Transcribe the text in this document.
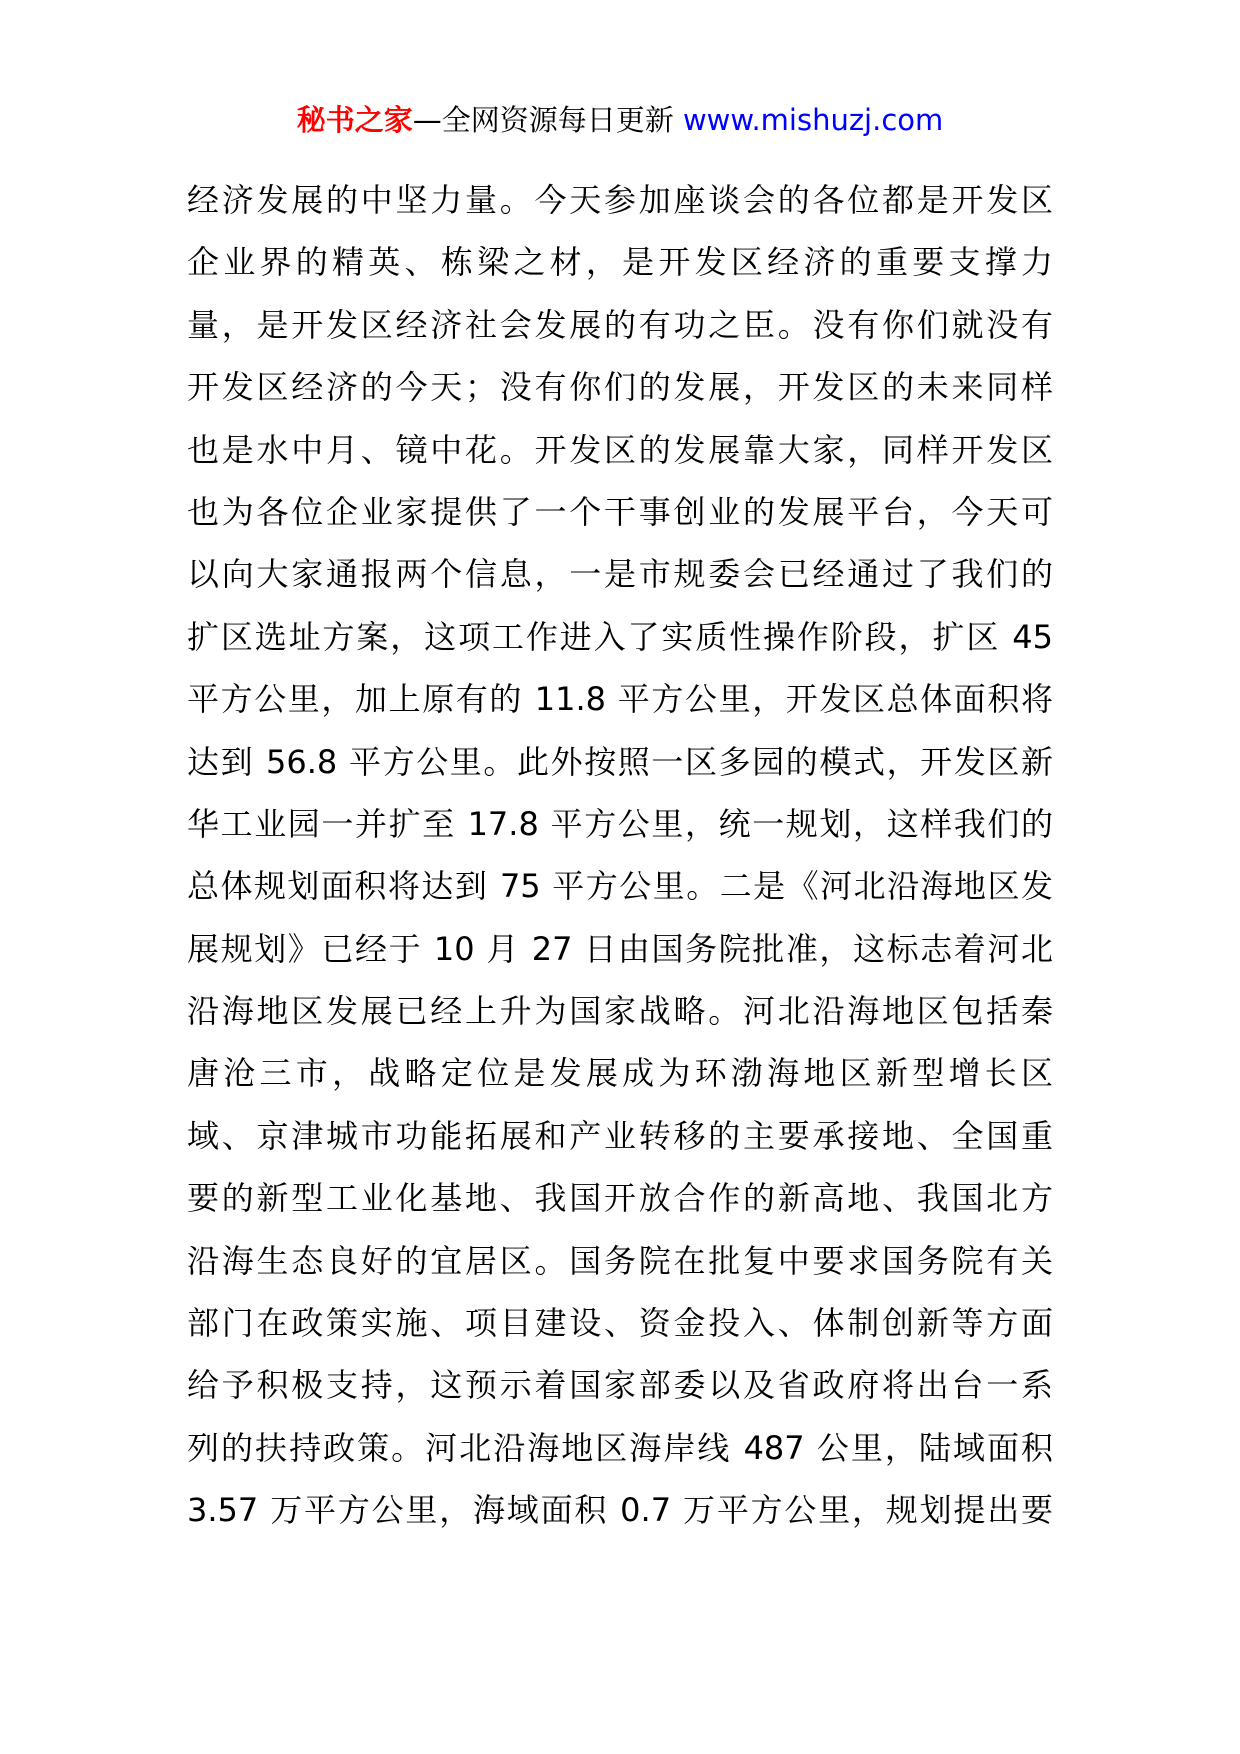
秘书之家—全网资源每日更新 www.mishuzj.com
经济发展的中坚力量。今天参加座谈会的各位都是开发区
企业界的精英、栋梁之材，是开发区经济的重要支撑力
量，是开发区经济社会发展的有功之臣。没有你们就没有
开发区经济的今天；没有你们的发展，开发区的未来同样
也是水中月、镜中花。开发区的发展靠大家，同样开发区
也为各位企业家提供了一个干事创业的发展平台，今天可
以向大家通报两个信息，一是市规委会已经通过了我们的
扩区选址方案，这项工作进入了实质性操作阶段，扩区 45
平方公里，加上原有的 11.8 平方公里，开发区总体面积将
达到 56.8 平方公里。此外按照一区多园的模式，开发区新
华工业园一并扩至 17.8 平方公里，统一规划，这样我们的
总体规划面积将达到 75 平方公里。二是《河北沿海地区发
展规划》已经于 10 月 27 日由国务院批准，这标志着河北
沿海地区发展已经上升为国家战略。河北沿海地区包括秦
唐沧三市，战略定位是发展成为环渤海地区新型增长区
域、京津城市功能拓展和产业转移的主要承接地、全国重
要的新型工业化基地、我国开放合作的新高地、我国北方
沿海生态良好的宜居区。国务院在批复中要求国务院有关
部门在政策实施、项目建设、资金投入、体制创新等方面
给予积极支持，这预示着国家部委以及省政府将出台一系
列的扶持政策。河北沿海地区海岸线 487 公里，陆域面积
3.57 万平方公里，海域面积 0.7 万平方公里，规划提出要
